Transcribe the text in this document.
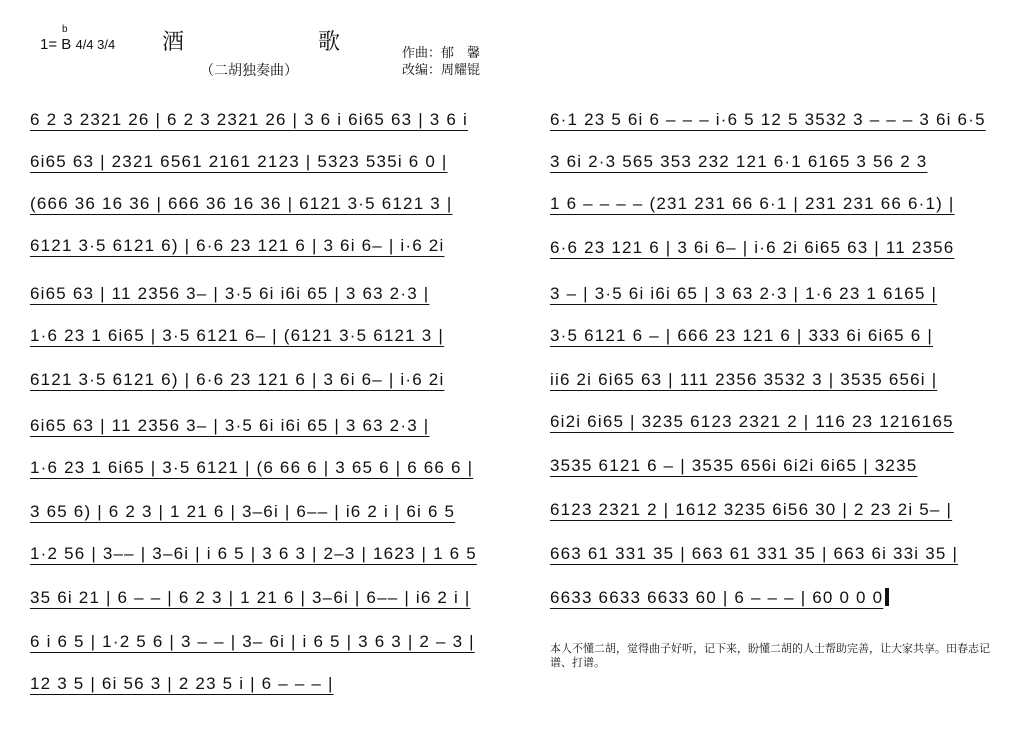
1=
b
B 4/4 3/4 酒	歌
（二胡独奏曲）
作曲：郁　馨
改编：周耀锟
6 2 3 2321 26 | 6 2 3 2321 26 | 3 6 i 6i65 63 | 3 6 i
6i65 63 | 2321 6561 2161 2123 | 5323 535i 6 0 |
(666 36 16 36 | 666 36 16 36 | 6121 3·5 6121 3 |
6121 3·5 6121 6) | 6·6 23 121 6 | 3 6i 6– | i·6 2i
6i65 63 | 11 2356 3– | 3·5 6i i6i 65 | 3 63 2·3 |
1·6 23 1 6i65 | 3·5 6121 6– | (6121 3·5 6121 3 |
6121 3·5 6121 6) | 6·6 23 121 6 | 3 6i 6– | i·6 2i
6i65 63 | 11 2356 3– | 3·5 6i i6i 65 | 3 63 2·3 |
1·6 23 1 6i65 | 3·5 6121 | (6 66 6 | 3 65 6 | 6 66 6 |
3 65 6) | 6 2 3 | 1 21 6 | 3–6i | 6–– | i6 2 i | 6i 6 5
1·2 56 | 3–– | 3–6i | i 6 5 | 3 6 3 | 2–3 | 1623 | 1 6 5
35 6i 21 | 6 – – | 6 2 3 | 1 21 6 | 3–6i | 6–– | i6 2 i |
6 i 6 5 | 1·2 5 6 | 3 – – | 3– 6i | i 6 5 | 3 6 3 | 2 – 3 |
12 3 5 | 6i 56 3 | 2 23 5 i | 6 – – – |
6·1 23 5 6i 6 – – – i·6 5 12 5 3532 3 – – – 3 6i 6·5
3 6i 2·3 565 353 232 121 6·1 6165 3 56 2 3
1 6 – – – – (231 231 66 6·1 | 231 231 66 6·1) |
6·6 23 121 6 | 3 6i 6– | i·6 2i 6i65 63 | 11 2356
3 – | 3·5 6i i6i 65 | 3 63 2·3 | 1·6 23 1 6165 |
3·5 6121 6 – | 666 23 121 6 | 333 6i 6i65 6 |
ii6 2i 6i65 63 | 111 2356 3532 3 | 3535 656i |
6i2i 6i65 | 3235 6123 2321 2 | 116 23 1216165
3535 6121 6 – | 3535 656i 6i2i 6i65 | 3235
6123 2321 2 | 1612 3235 6i56 30 | 2 23 2i 5– |
663 61 331 35 | 663 61 331 35 | 663 6i 33i 35 |
6633 6633 6633 60 | 6 – – – | 60 0 0 0
本人不懂二胡，觉得曲子好听，记下来，盼懂二胡的人士帮助完善，让大家共享。田春志记谱、打谱。
